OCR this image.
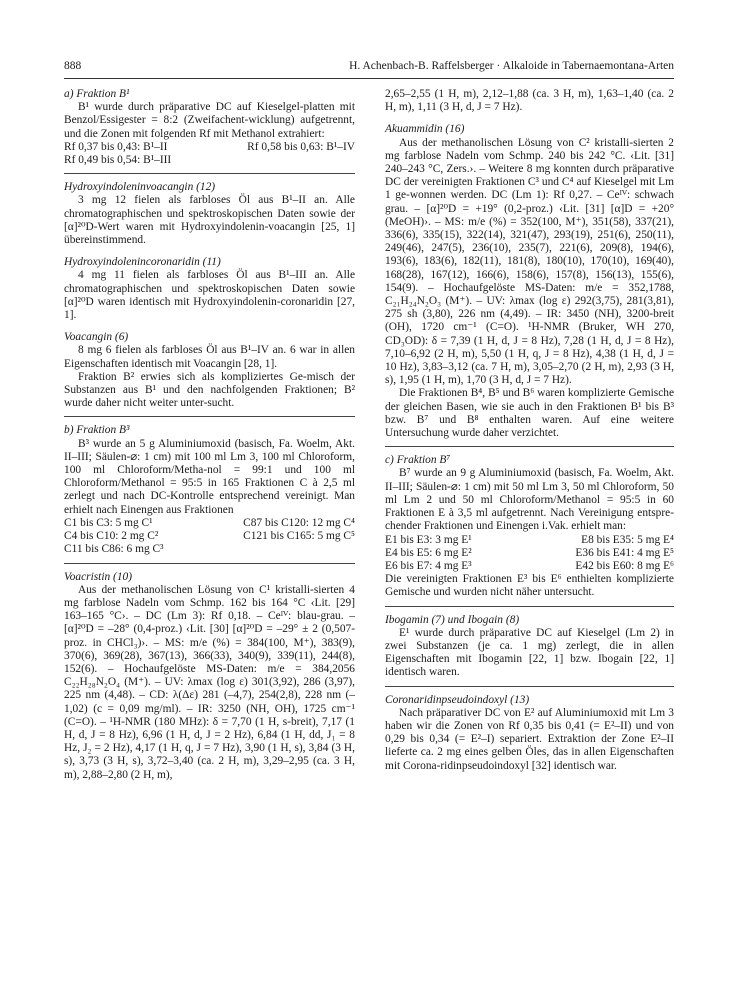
888	H. Achenbach-B. Raffelsberger · Alkaloide in Tabernaemontana-Arten

a) Fraktion B¹

B¹ wurde durch präparative DC auf Kieselgel-platten mit Benzol/Essigester = 8:2 (Zweifachent-wicklung) aufgetrennt, und die Zonen mit folgenden Rf mit Methanol extrahiert:

Rf 0,37 bis 0,43: B¹–II	Rf 0,58 bis 0,63: B¹–IV
Rf 0,49 bis 0,54: B¹–III

Hydroxyindoleninvoacangin (12)

3 mg 12 fielen als farbloses Öl aus B¹–II an. Alle chromatographischen und spektroskopischen Daten sowie der [α]²⁰D-Wert waren mit Hydroxyindolenin-voacangin [25, 1] übereinstimmend.

Hydroxyindolenincoronaridin (11)

4 mg 11 fielen als farbloses Öl aus B¹–III an. Alle chromatographischen und spektroskopischen Daten sowie [α]²⁰D waren identisch mit Hydroxyindolenin-coronaridin [27, 1].

Voacangin (6)

8 mg 6 fielen als farbloses Öl aus B¹–IV an. 6 war in allen Eigenschaften identisch mit Voacangin [28, 1].

Fraktion B² erwies sich als kompliziertes Ge-misch der Substanzen aus B¹ und den nachfolgenden Fraktionen; B² wurde daher nicht weiter unter-sucht.

b) Fraktion B³

B³ wurde an 5 g Aluminiumoxid (basisch, Fa. Woelm, Akt. II–III; Säulen-⌀: 1 cm) mit 100 ml Lm 3, 100 ml Chloroform, 100 ml Chloroform/Metha-nol = 99:1 und 100 ml Chloroform/Methanol = 95:5 in 165 Fraktionen C à 2,5 ml zerlegt und nach DC-Kontrolle entsprechend vereinigt. Man erhielt nach Einengen aus Fraktionen

C1 bis C3: 5 mg C¹	C87 bis C120: 12 mg C⁴
C4 bis C10: 2 mg C²	C121 bis C165: 5 mg C⁵
C11 bis C86: 6 mg C³

Voacristin (10)

Aus der methanolischen Lösung von C¹ kristalli-sierten 4 mg farblose Nadeln vom Schmp. 162 bis 164 °C ‹Lit. [29] 163–165 °C›. – DC (Lm 3): Rf 0,18. – Ceᴵⱽ: blau-grau. – [α]²⁰D = –28° (0,4-proz.) ‹Lit. [30] [α]²⁰D = –29° ± 2 (0,507-proz. in CHCl₃)›. – MS: m/e (%) = 384(100, M⁺), 383(9), 370(6), 369(28), 367(13), 366(33), 340(9), 339(11), 244(8), 152(6). – Hochaufgelöste MS-Daten: m/e = 384,2056 C₂₂H₂₈N₂O₄ (M⁺). – UV: λmax (log ε) 301(3,92), 286 (3,97), 225 nm (4,48). – CD: λ(Δε) 281 (–4,7), 254(2,8), 228 nm (–1,02) (c = 0,09 mg/ml). – IR: 3250 (NH, OH), 1725 cm⁻¹ (C=O). – ¹H-NMR (180 MHz): δ = 7,70 (1 H, s-breit), 7,17 (1 H, d, J = 8 Hz), 6,96 (1 H, d, J = 2 Hz), 6,84 (1 H, dd, J₁ = 8 Hz, J₂ = 2 Hz), 4,17 (1 H, q, J = 7 Hz), 3,90 (1 H, s), 3,84 (3 H, s), 3,73 (3 H, s), 3,72–3,40 (ca. 2 H, m), 3,29–2,95 (ca. 3 H, m), 2,88–2,80 (2 H, m),

2,65–2,55 (1 H, m), 2,12–1,88 (ca. 3 H, m), 1,63–1,40 (ca. 2 H, m), 1,11 (3 H, d, J = 7 Hz).

Akuammidin (16)

Aus der methanolischen Lösung von C² kristalli-sierten 2 mg farblose Nadeln vom Schmp. 240 bis 242 °C. ‹Lit. [31] 240–243 °C, Zers.›. – Weitere 8 mg konnten durch präparative DC der vereinigten Fraktionen C³ und C⁴ auf Kieselgel mit Lm 1 ge-wonnen werden. DC (Lm 1): Rf 0,27. – Ceᴵⱽ: schwach grau. – [α]²⁰D = +19° (0,2-proz.) ‹Lit. [31] [α]D = +20° (MeOH)›. – MS: m/e (%) = 352(100, M⁺), 351(58), 337(21), 336(6), 335(15), 322(14), 321(47), 293(19), 251(6), 250(11), 249(46), 247(5), 236(10), 235(7), 221(6), 209(8), 194(6), 193(6), 183(6), 182(11), 181(8), 180(10), 170(10), 169(40), 168(28), 167(12), 166(6), 158(6), 157(8), 156(13), 155(6), 154(9). – Hochaufgelöste MS-Daten: m/e = 352,1788, C₂₁H₂₄N₂O₃ (M⁺). – UV: λmax (log ε) 292(3,75), 281(3,81), 275 sh (3,80), 226 nm (4,49). – IR: 3450 (NH), 3200-breit (OH), 1720 cm⁻¹ (C=O). ¹H-NMR (Bruker, WH 270, CD₃OD): δ = 7,39 (1 H, d, J = 8 Hz), 7,28 (1 H, d, J = 8 Hz), 7,10–6,92 (2 H, m), 5,50 (1 H, q, J = 8 Hz), 4,38 (1 H, d, J = 10 Hz), 3,83–3,12 (ca. 7 H, m), 3,05–2,70 (2 H, m), 2,93 (3 H, s), 1,95 (1 H, m), 1,70 (3 H, d, J = 7 Hz).

Die Fraktionen B⁴, B⁵ und B⁶ waren komplizierte Gemische der gleichen Basen, wie sie auch in den Fraktionen B¹ bis B³ bzw. B⁷ und B⁸ enthalten waren. Auf eine weitere Untersuchung wurde daher verzichtet.

c) Fraktion B⁷

B⁷ wurde an 9 g Aluminiumoxid (basisch, Fa. Woelm, Akt. II–III; Säulen-⌀: 1 cm) mit 50 ml Lm 3, 50 ml Chloroform, 50 ml Lm 2 und 50 ml Chloroform/Methanol = 95:5 in 60 Fraktionen E à 3,5 ml aufgetrennt. Nach Vereinigung entspre-chender Fraktionen und Einengen i.Vak. erhielt man:

E1 bis E3: 3 mg E¹	E8 bis E35: 5 mg E⁴
E4 bis E5: 6 mg E²	E36 bis E41: 4 mg E⁵
E6 bis E7: 4 mg E³	E42 bis E60: 8 mg E⁶

Die vereinigten Fraktionen E³ bis E⁶ enthielten komplizierte Gemische und wurden nicht näher untersucht.

Ibogamin (7) und Ibogain (8)

E¹ wurde durch präparative DC auf Kieselgel (Lm 2) in zwei Substanzen (je ca. 1 mg) zerlegt, die in allen Eigenschaften mit Ibogamin [22, 1] bzw. Ibogain [22, 1] identisch waren.

Coronaridinpseudoindoxyl (13)

Nach präparativer DC von E² auf Aluminiumoxid mit Lm 3 haben wir die Zonen von Rf 0,35 bis 0,41 (= E²–II) und von 0,29 bis 0,34 (= E²–I) separiert. Extraktion der Zone E²–II lieferte ca. 2 mg eines gelben Öles, das in allen Eigenschaften mit Corona-ridinpseudoindoxyl [32] identisch war.
